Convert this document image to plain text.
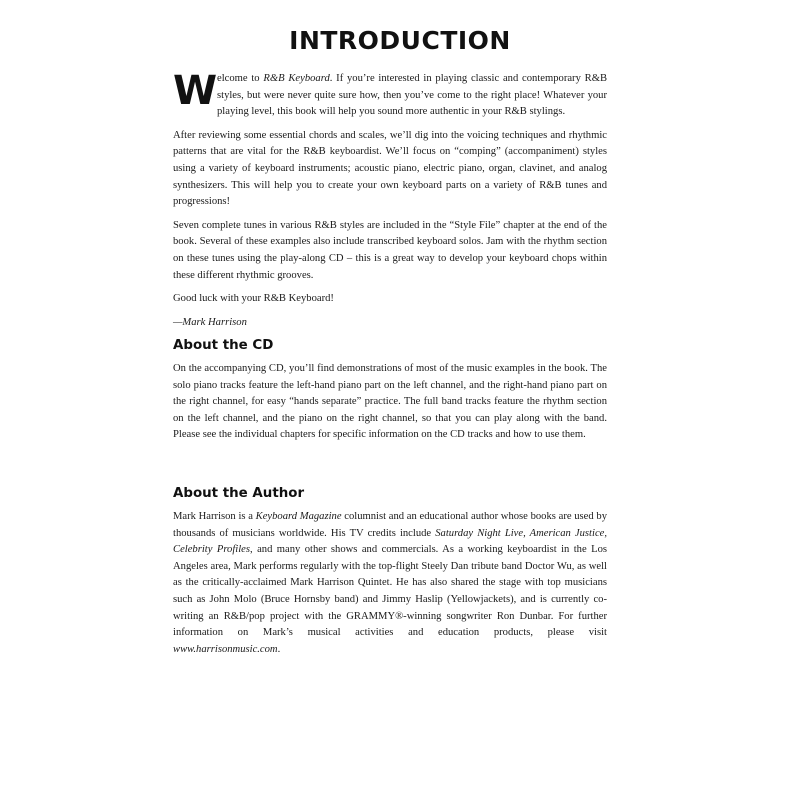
INTRODUCTION

W elcome to R&B Keyboard. If you’re interested in playing classic and contemporary R&B styles, but were never quite sure how, then you’ve come to the right place! Whatever your playing level, this book will help you sound more authentic in your R&B stylings.

After reviewing some essential chords and scales, we’ll dig into the voicing techniques and rhythmic patterns that are vital for the R&B keyboardist. We’ll focus on “comping” (accompaniment) styles using a variety of keyboard instruments; acoustic piano, electric piano, organ, clavinet, and analog synthesizers. This will help you to create your own keyboard parts on a variety of R&B tunes and progressions!

Seven complete tunes in various R&B styles are included in the “Style File” chapter at the end of the book. Several of these examples also include transcribed keyboard solos. Jam with the rhythm section on these tunes using the play-along CD – this is a great way to develop your keyboard chops within these different rhythmic grooves.

Good luck with your R&B Keyboard!

—Mark Harrison

About the CD

On the accompanying CD, you’ll find demonstrations of most of the music examples in the book. The solo piano tracks feature the left-hand piano part on the left channel, and the right-hand piano part on the right channel, for easy “hands separate” practice. The full band tracks feature the rhythm section on the left channel, and the piano on the right channel, so that you can play along with the band. Please see the individual chapters for specific information on the CD tracks and how to use them.

About the Author

Mark Harrison is a Keyboard Magazine columnist and an educational author whose books are used by thousands of musicians worldwide. His TV credits include Saturday Night Live, American Justice, Celebrity Profiles, and many other shows and commercials. As a working keyboardist in the Los Angeles area, Mark performs regularly with the top-flight Steely Dan tribute band Doctor Wu, as well as the critically-acclaimed Mark Harrison Quintet. He has also shared the stage with top musicians such as John Molo (Bruce Hornsby band) and Jimmy Haslip (Yellowjackets), and is currently co-writing an R&B/pop project with the GRAMMY®-winning songwriter Ron Dunbar. For further information on Mark’s musical activities and education products, please visit www.harrisonmusic.com.
